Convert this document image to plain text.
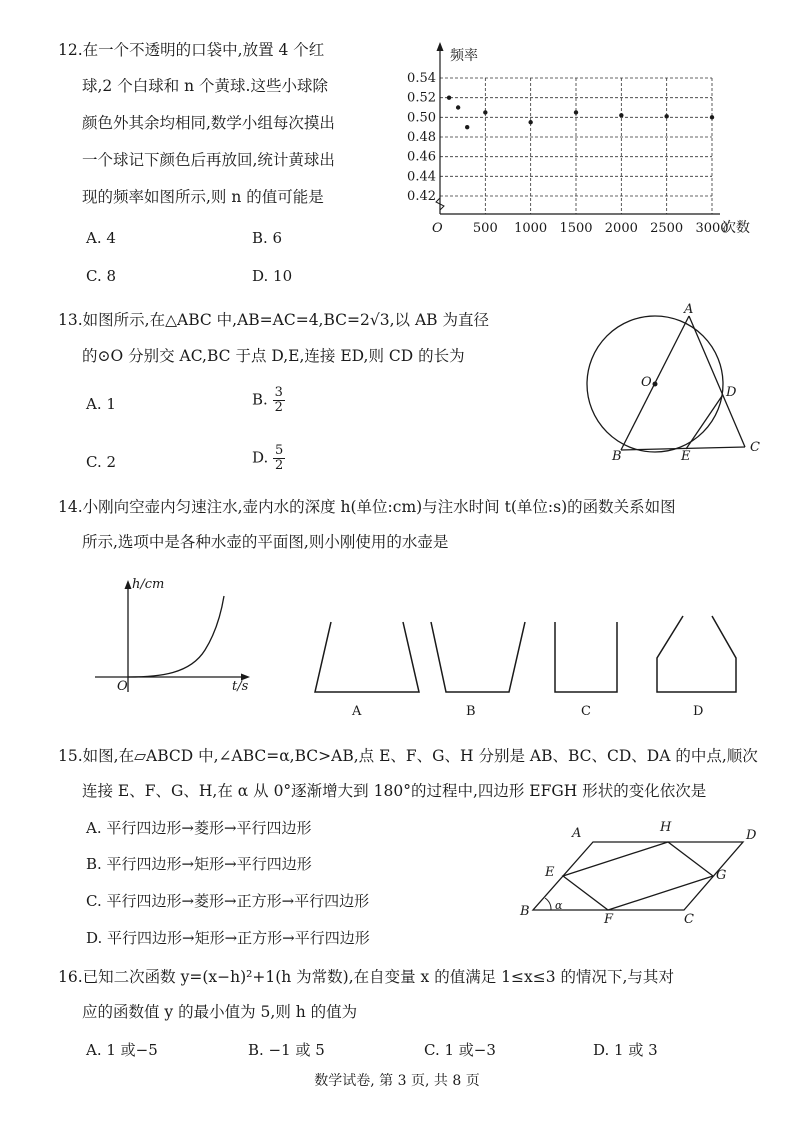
12.在一个不透明的口袋中,放置 4 个红
球,2 个白球和 n 个黄球.这些小球除
颜色外其余均相同,数学小组每次摸出
一个球记下颜色后再放回,统计黄球出
现的频率如图所示,则 n 的值可能是
A. 4	B. 6
C. 8	D. 10
0.42
0.44
0.46
0.48
0.50
0.52
0.54
500 1000 1500 2000 2500 3000
频率
次数
O
13.如图所示,在△ABC 中,AB=AC=4,BC=2√3,以 AB 为直径
的⊙O 分别交 AC,BC 于点 D,E,连接 ED,则 CD 的长为
A. 1	B. $\frac{3}{2}$
C. 2	D. $\frac{5}{2}$
A
O
D
B	E
C
14.小刚向空壶内匀速注水,壶内水的深度 h(单位:cm)与注水时间 t(单位:s)的函数关系如图
所示,选项中是各种水壶的平面图,则小刚使用的水壶是
h/cm
t/s
O
A	B	C	D
15.如图,在▱ABCD 中,∠ABC=α,BC>AB,点 E、F、G、H 分别是 AB、BC、CD、DA 的中点,顺次
连接 E、F、G、H,在 α 从 0°逐渐增大到 180°的过程中,四边形 EFGH 形状的变化依次是
A. 平行四边形→菱形→平行四边形
B. 平行四边形→矩形→平行四边形
C. 平行四边形→菱形→正方形→平行四边形
D. 平行四边形→矩形→正方形→平行四边形
A	H
D
E	G
B α
F	C
16.已知二次函数 y=(x−h)²+1(h 为常数),在自变量 x 的值满足 1≤x≤3 的情况下,与其对
应的函数值 y 的最小值为 5,则 h 的值为
A. 1 或−5	B. −1 或 5	C. 1 或−3	D. 1 或 3
数学试卷, 第 3 页, 共 8 页
